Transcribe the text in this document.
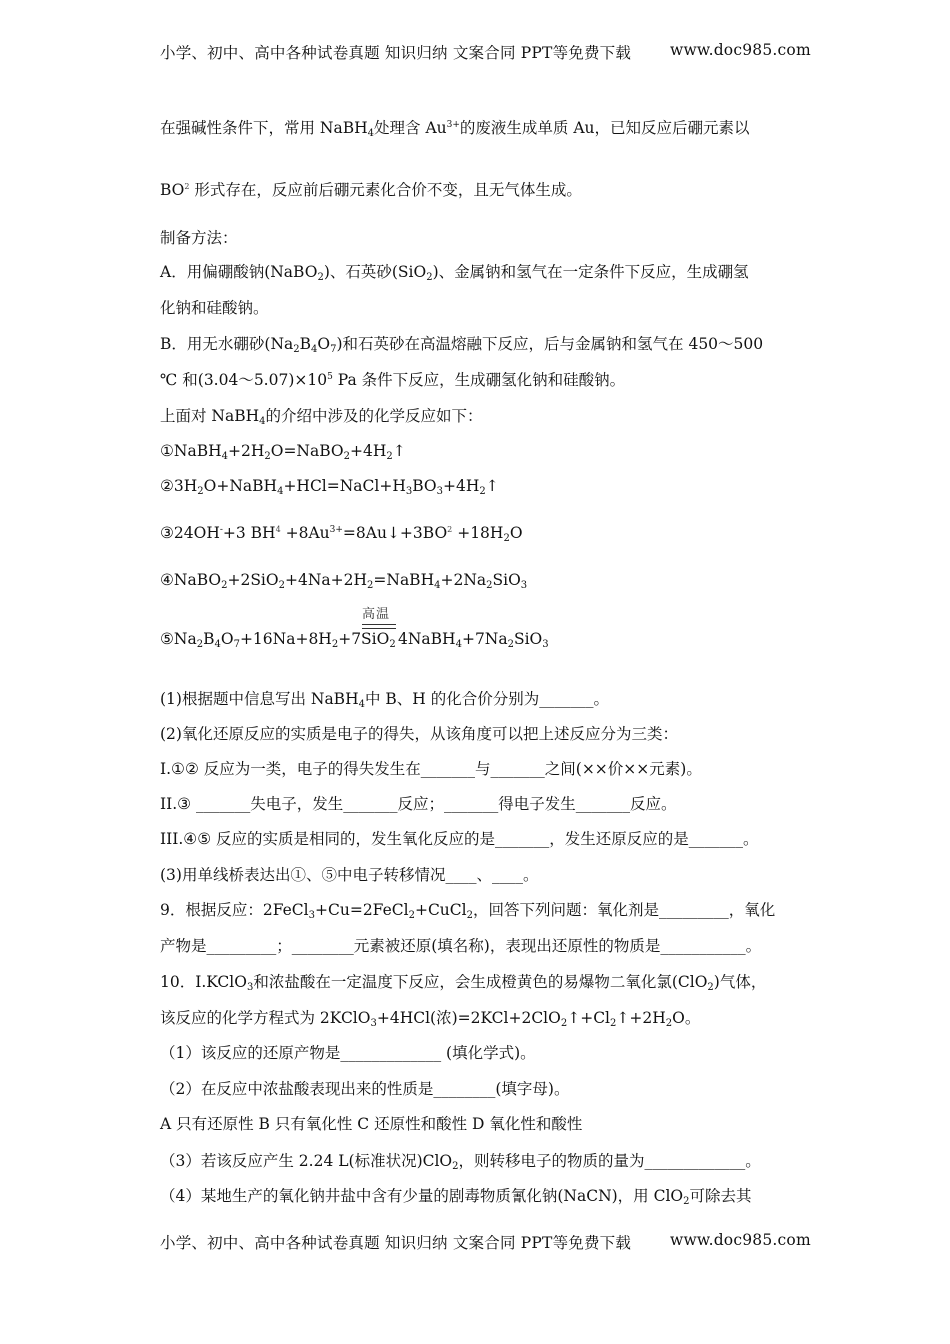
小学、初中、高中各种试卷真题 知识归纳 文案合同 PPT等免费下载	www.doc985.com
在强碱性条件下，常用 NaBH$_4$处理含 $Au^{3+}$的废液生成单质 Au，已知反应后硼元素以
$BO^2$ 形式存在，反应前后硼元素化合价不变，且无气体生成。
制备方法：
A．用偏硼酸钠(NaBO$_2$)、石英砂(SiO$_2$)、金属钠和氢气在一定条件下反应，生成硼氢
化钠和硅酸钠。
B．用无水硼砂$(Na_2B_4O_7)$和石英砂在高温熔融下反应，后与金属钠和氢气在 450～500
℃ 和$(3.04\sim 5.07)\times 10^5$ Pa 条件下反应，生成硼氢化钠和硅酸钠。
上面对 NaBH$_4$的介绍中涉及的化学反应如下：
$①NaBH_4+2H_2O=NaBO_2+4H_2↑$
$②3H_2O+NaBH_4+HCl=NaCl+H_3BO_3+4H_2↑$
③24OH-+3 $BH^4$ $+8Au^{3+}=8Au↓+3BO^2 +18H_2O$
$④NaBO_2+2SiO_2+4Na+2H_2=NaBH_4+2Na_2SiO_3$
高温
$⑤Na_2B_4O_7+16Na+8H_2+7SiO_2$ $4NaBH_4+7Na_2SiO_3$
(1)根据题中信息写出 NaBH$_4$中 B、H 的化合价分别为_______。
(2)氧化还原反应的实质是电子的得失，从该角度可以把上述反应分为三类：
I.①② 反应为一类，电子的得失发生在_______与_______之间(××价××元素)。
II.③ _______失电子，发生_______反应；_______得电子发生_______反应。
III.④⑤ 反应的实质是相同的，发生氧化反应的是_______，发生还原反应的是_______。
(3)用单线桥表达出①、⑤中电子转移情况____、____。
9．根据反应：2FeCl$_3$+Cu=2FeCl$_2$+CuCl$_2$，回答下列问题：氧化剂是_________，氧化
产物是_________；________元素被还原(填名称)，表现出还原性的物质是___________。
10．Ⅰ.KClO$_3$和浓盐酸在一定温度下反应，会生成橙黄色的易爆物二氧化氯(ClO$_2$)气体，
该反应的化学方程式为 2KClO$_3$+4HCl(浓)$=2KCl+2ClO_2↑+Cl_2↑+2H_2O$。
（1）该反应的还原产物是_____________ (填化学式)。
（2）在反应中浓盐酸表现出来的性质是________(填字母)。
A 只有还原性 B 只有氧化性 C 还原性和酸性 D 氧化性和酸性
（3）若该反应产生 2.24 L(标准状况)ClO$_2$，则转移电子的物质的量为_____________。
（4）某地生产的氧化钠井盐中含有少量的剧毒物质氰化钠(NaCN)，用 ClO$_2$可除去其
小学、初中、高中各种试卷真题 知识归纳 文案合同 PPT等免费下载	www.doc985.com
